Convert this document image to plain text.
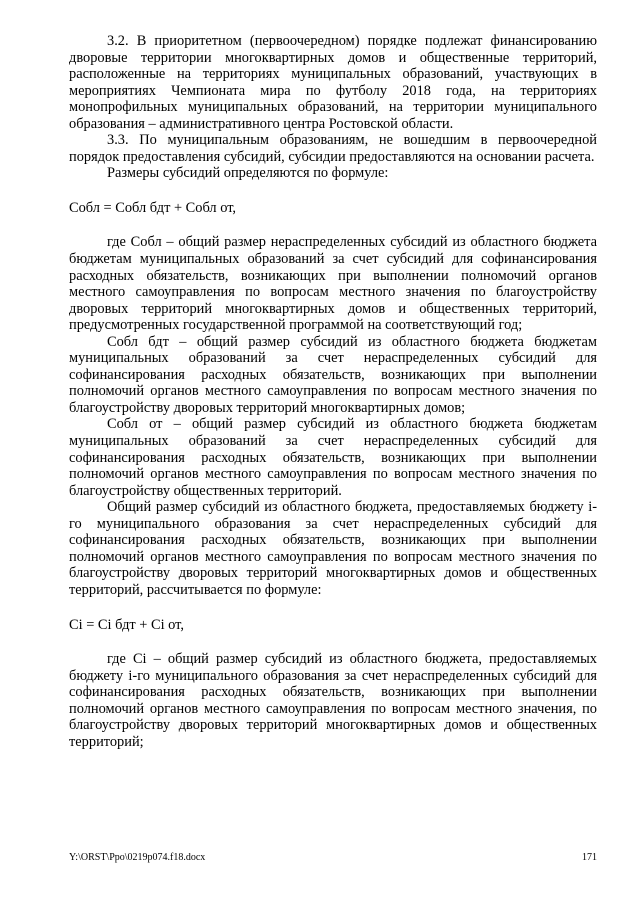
3.2. В приоритетном (первоочередном) порядке подлежат финансированию дворовые территории многоквартирных домов и общественные территорий, расположенные на территориях муниципальных образований, участвующих в мероприятиях Чемпионата мира по футболу 2018 года, на территориях монопрофильных муниципальных образований, на территории муниципального образования – административного центра Ростовской области.

3.3. По муниципальным образованиям, не вошедшим в первоочередной порядок предоставления субсидий, субсидии предоставляются на основании расчета.

Размеры субсидий определяются по формуле:

Собл = Собл бдт + Собл от,

где Собл – общий размер нераспределенных субсидий из областного бюджета бюджетам муниципальных образований за счет субсидий для софинансирования расходных обязательств, возникающих при выполнении полномочий органов местного самоуправления по вопросам местного значения по благоустройству дворовых территорий многоквартирных домов и общественных территорий, предусмотренных государственной программой на соответствующий год;

Собл бдт – общий размер субсидий из областного бюджета бюджетам муниципальных образований за счет нераспределенных субсидий для софинансирования расходных обязательств, возникающих при выполнении полномочий органов местного самоуправления по вопросам местного значения по благоустройству дворовых территорий многоквартирных домов;

Собл от – общий размер субсидий из областного бюджета бюджетам муниципальных образований за счет нераспределенных субсидий для софинансирования расходных обязательств, возникающих при выполнении полномочий органов местного самоуправления по вопросам местного значения по благоустройству общественных территорий.

Общий размер субсидий из областного бюджета, предоставляемых бюджету i-го муниципального образования за счет нераспределенных субсидий для софинансирования расходных обязательств, возникающих при выполнении полномочий органов местного самоуправления по вопросам местного значения по благоустройству дворовых территорий многоквартирных домов и общественных территорий, рассчитывается по формуле:

Ci = Ci бдт + Ci от,

где Ci – общий размер субсидий из областного бюджета, предоставляемых бюджету i-го муниципального образования за счет нераспределенных субсидий для софинансирования расходных обязательств, возникающих при выполнении полномочий органов местного самоуправления по вопросам местного значения, по благоустройству дворовых территорий многоквартирных домов и общественных территорий;

Y:\ORST\Ppo\0219p074.f18.docx	171
